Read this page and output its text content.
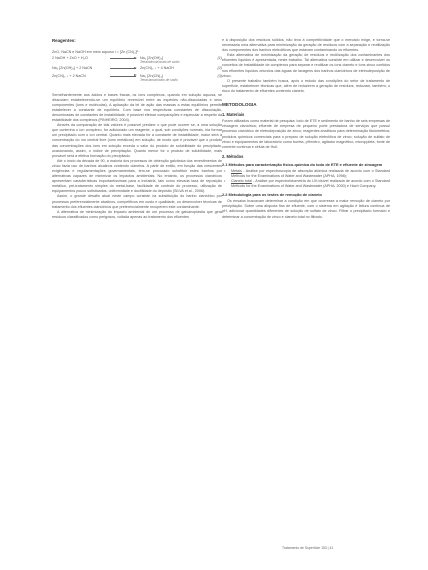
Reagentes:
ZnO, NaCN e NaOH em meio aquoso l = [Zn (CN)₄]²⁻
2 NaOH + ZnO + H₂O	Na₂ [Zn(OH)₄]	(1)
Tetrahidroxizincato de sódio
Na₂ [Zn(OH)₄] + 2 NaCN	Zn(CN)₂ ↓ + 4 NaOH	(2)
Zn(CN)₂ ↓ + 2 NaCN	Na₂ [Zn(CN)₄]	(3)
Tetracianozincato de sódio

Semelhantemente aos ácidos e bases fracas, os íons complexos, quando em solução aquosa, se dissociam estabelecendo-se um equilíbrio reversível entre as espécies não-dissociadas e seus componentes (íons e moléculas). A aplicação da lei de ação das massas a estas equilíbrios permite estabelecer a constante de equilíbrio. Com base nos respectivas constantes de dissociação, denominadas de constantes de instabilidade, é possível efetuar comparações e especular a respeito da estabilidade dos complexos (PINHEIRO, 2004).

Através da comparação de tais valores é possível predizer o que pode ocorrer se, a uma solução que contenha o íon complexo, for adicionado um reagente, o qual, sob condições normais, iria formar um precipitado com o íon central. Quanto mais elevada for a constante de instabilidade, maior será a concentração do íon central livre (íons metálicos) em solução, de modo que é provável que o produto das concentrações dos íons em solução exceda o valor do produto de solubilidade do precipitado, ocasionando, assim, o índice de precipitação. Quanto menor for o produto de solubilidade, mais provável será a efetiva formação do precipitado.

Até o início da década de 90, a maioria dos processos de obtenção galvânica dos revestimentos de zinco fazia uso de banhos alcalinos contendo cianetos. A partir de então, em função das crescentes exigências e regulamentações governamentais, tem-se procurado substituir estes banhos por alternativas capazes de minimizar os impactos ambientais. No entanto, os processos ciandrícos apresentam características importantíssimas para a indústria, tais como elevada taxa de reposição metálica, pré-tratamento simples do metal-base, facilidade de controle do processo, utilização de equipamentos pouco sofisticados, uniformidade e ductilidade do depósito (SILVA et al., 2006).

Assim, o grande desafio atual neste campo consiste na substituição do banho cianídrico por processos preferencialmente alcalinos, competitivos em custo e qualidade, ou desenvolver técnicas de tratamento dos efluentes cianídricos que preferencialmente recuperem este contaminante.

A alternativa de minimização do impacto ambiental de um processo de galvanoplastia que gera resíduos classificados como perigosos, voltada apenas ao tratamento dos efluentes

e à disposição dos resíduos sólidos, não leva à competitividade que o mercado exige, e torna-se necessária uma alternativa para minimização da geração de resíduos com a separação e reutilização dos componentes dos banhos eletrolíticos que estavam contaminando os efluentes.

Esta alternativa de minimização da geração de resíduos e reutilização dos contaminantes dos efluentes líquidos é apresentada, neste trabalho. Tal alternativa consiste em utilizar e desenvolver os conceitos de instabilidade de complexos para separar e reutilizar os íons cianeto e íons zinco contidos nos efluentes líquidos oriundos das águas de lavagens dos banhos cianídricos de eletrodeposição de zinco.

O presente trabalho também busca, após o estudo das condições do setor de tratamento de superfície, estabelecer técnicas que, além de reduzirem a geração de resíduos, reduzam, também, o risco do tratamento de efluentes contendo cianeto.

METODOLOGIA
1. Materiais

Foram utilizados como material de pesquisa: lodo de ETE e sedimento de banho de seis empresas de zincagem cianídrica; efluente de empresa de pequeno porte prestadora de serviços que possui processo cianídrico de eletrodeposição de zinco; reagentes analíticos para determinação titulométrica; produtos químicos comerciais para o preparo de solução eletrolítica de zinco; solução de sulfato de zinco e equipamentos de laboratório como bureta, pHmetro, agitador magnético, microppieta, fonte de corrente contínua e célula de Hull.

2. Métodos
2.1 Métodos para caracterização físico-química do lodo de ETE e efluente de zincagem
• Metais - Análise por espectroscopia de absorção atômica realizada de acordo com o Standard Methods for the Examinations of Water and Wastewater (APHA, 1998);
• Cianeto total - Análise por espectrofotometria do UV-visível realizada de acordo com o Standard Methods for the Examinations of Water and Wastewater (APHA, 2000) e Hach Company.
2.2 Metodologia para os testes de remoção de cianeto

Os ensaios buscavam determinar a condição em que ocorresse a maior remoção de cianeto por precipitação. Sobre uma alíquota fixa de efluente, com o sistema em agitação é leitura contínua de pH, adicionar quantidades diferentes de solução de sulfato de zinco. Filtrar o precipitado formado e determinar a concentração de zinco e cianeto total no filtrado.

Tratamento de Superfície 153 | 41
